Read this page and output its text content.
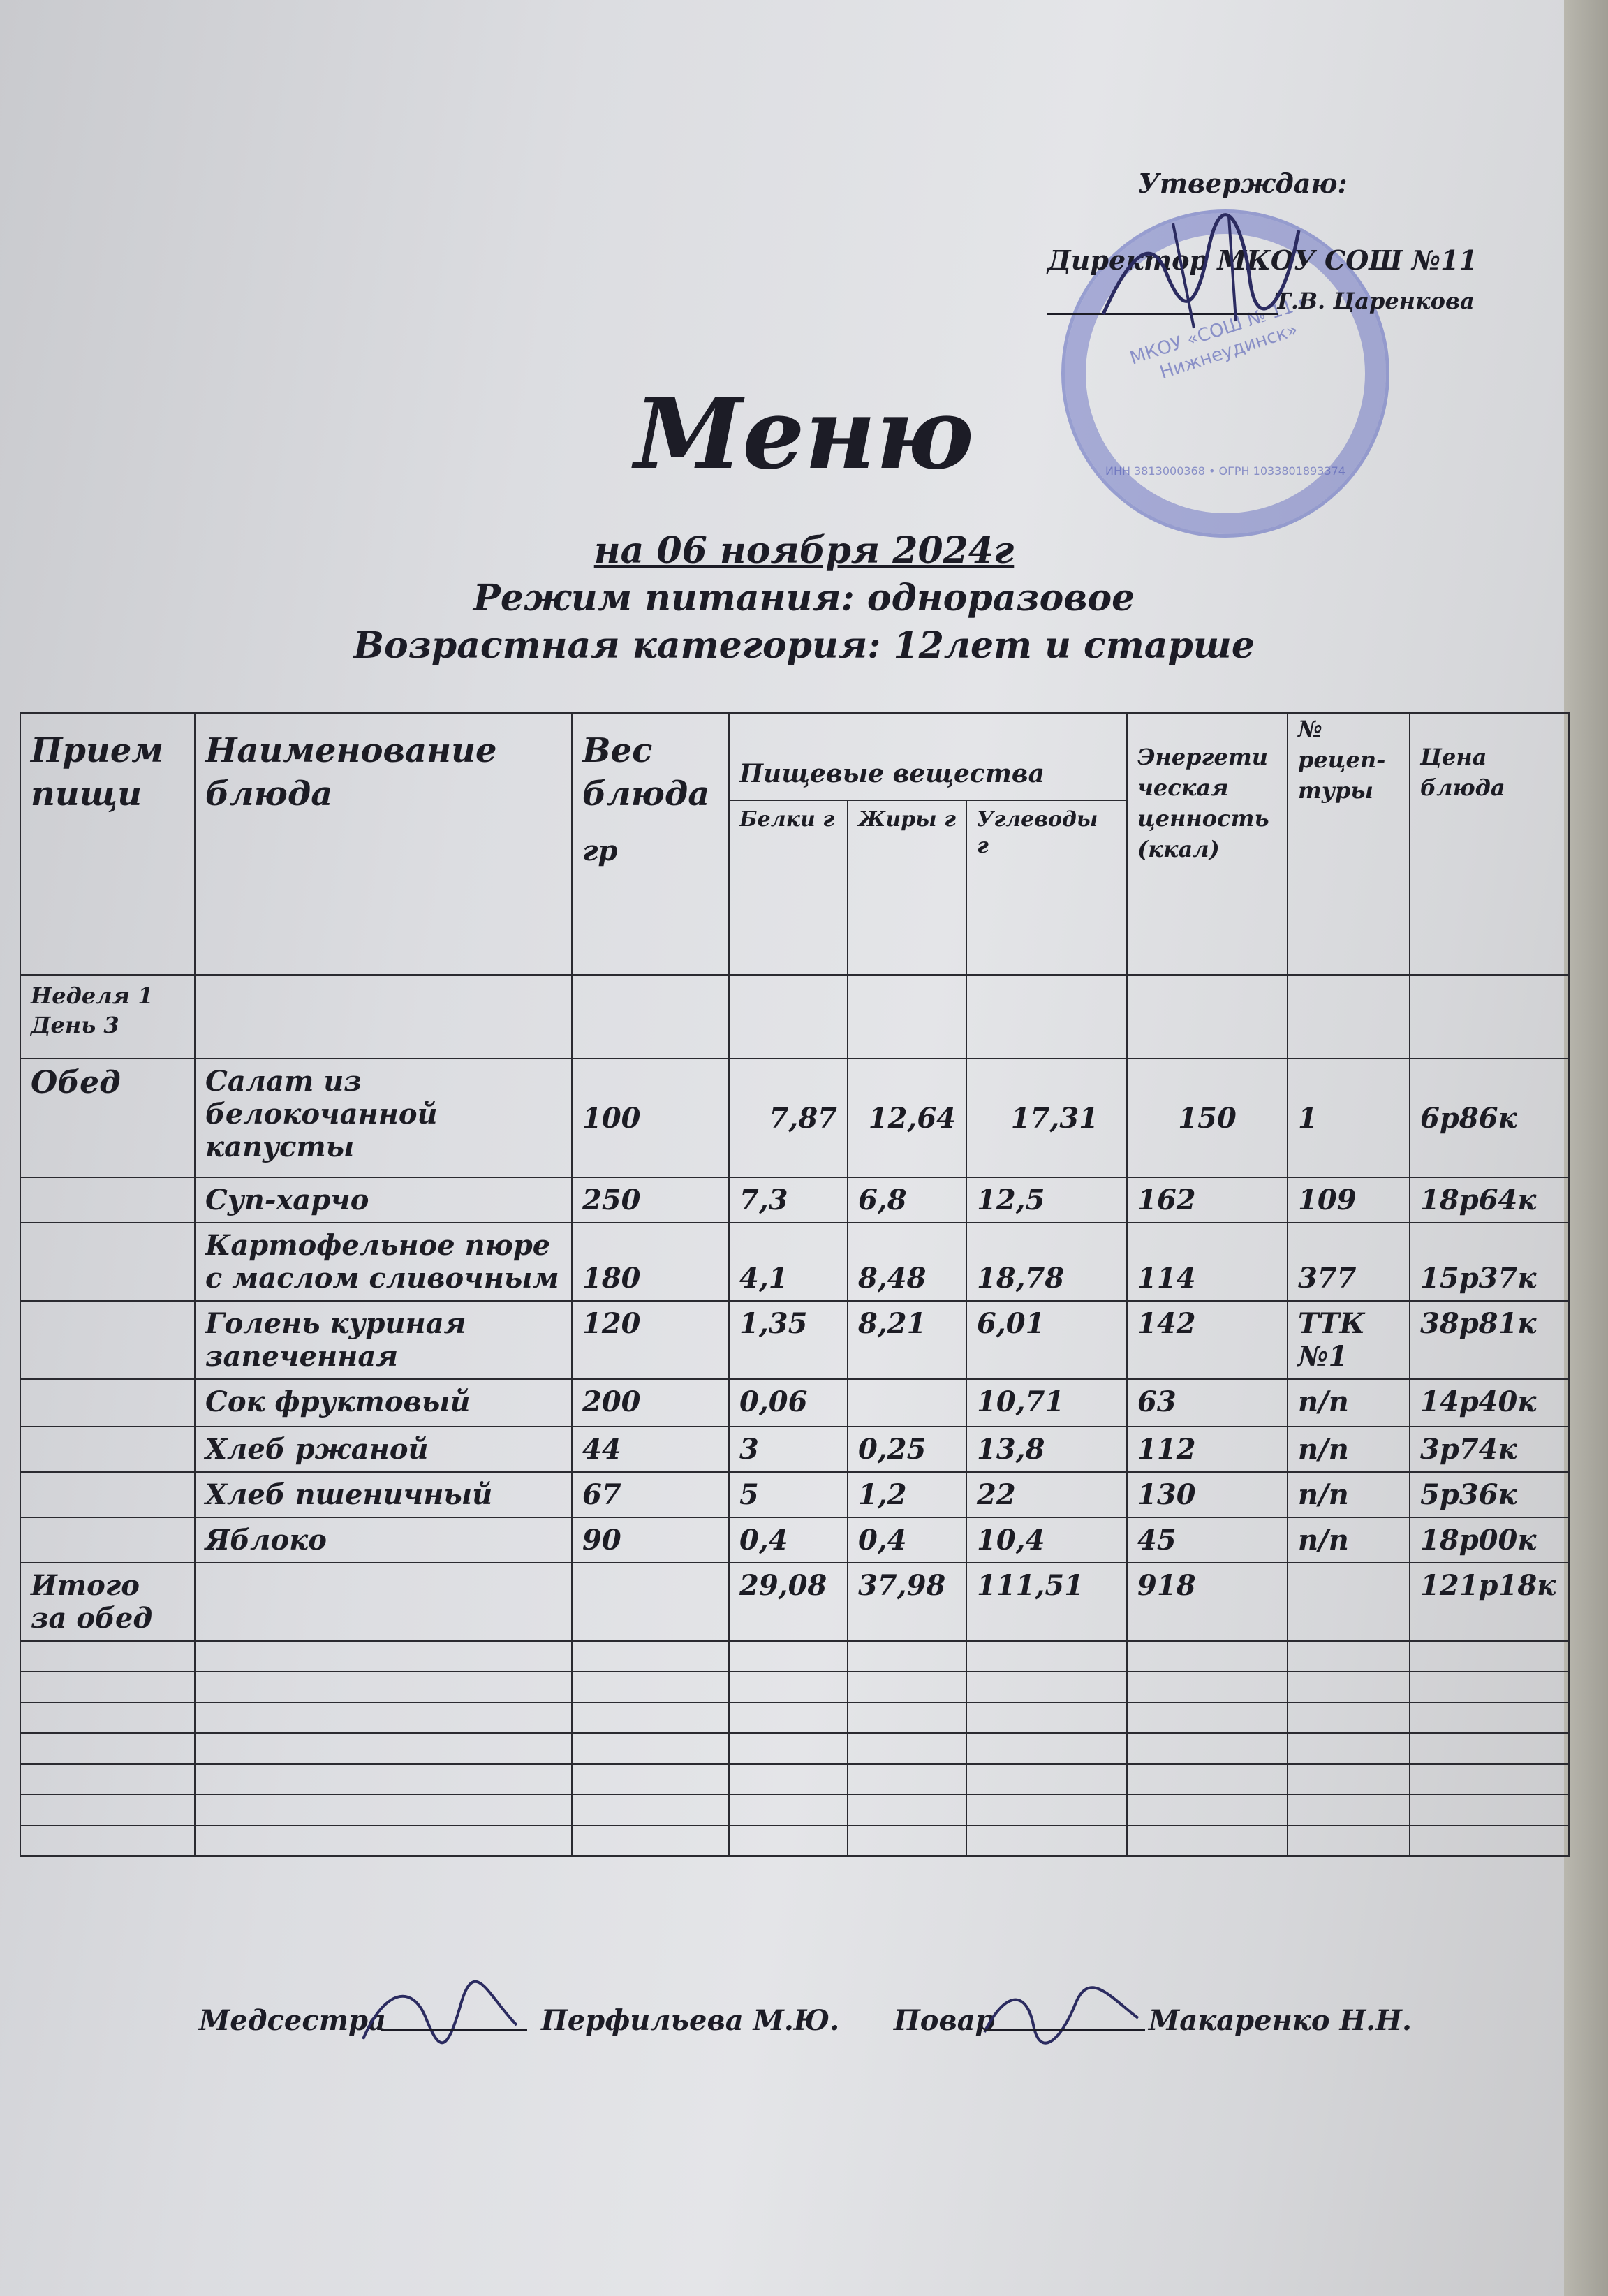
МКОУ «СОШ № 11 г. Нижнеудинск»
ИНН 3813000368 • ОГРН 1033801893374
Утверждаю:
Директор МКОУ СОШ №11
Т.В. Царенкова
Меню
на 06 ноября 2024г
Режим питания: одноразовое
Возрастная категория: 12лет и старше
Прием пищи	Наименование блюда	Вес блюда
гр	Пищевые вещества			Энергети ческая ценность (ккал)	№ рецеп- туры	Цена блюда
			Белки г	Жиры г	Углеводы г			
Неделя 1 День 3								
Обед	Салат из белокочанной капусты	100	7,87	12,64	17,31	150	1	6р86к
	Суп-харчо	250	7,3	6,8	12,5	162	109	18р64к
	Картофельное пюре с маслом сливочным	180	4,1	8,48	18,78	114	377	15р37к
	Голень куриная запеченная	120	1,35	8,21	6,01	142	ТТК №1	38р81к
	Сок фруктовый	200	0,06		10,71	63	п/п	14р40к
	Хлеб ржаной	44	3	0,25	13,8	112	п/п	3р74к
	Хлеб пшеничный	67	5	1,2	22	130	п/п	5р36к
	Яблоко	90	0,4	0,4	10,4	45	п/п	18р00к
Итого за обед			29,08	37,98	111,51	918		121р18к

Медсестра	Перфильева М.Ю. Повар	Макаренко Н.Н.
